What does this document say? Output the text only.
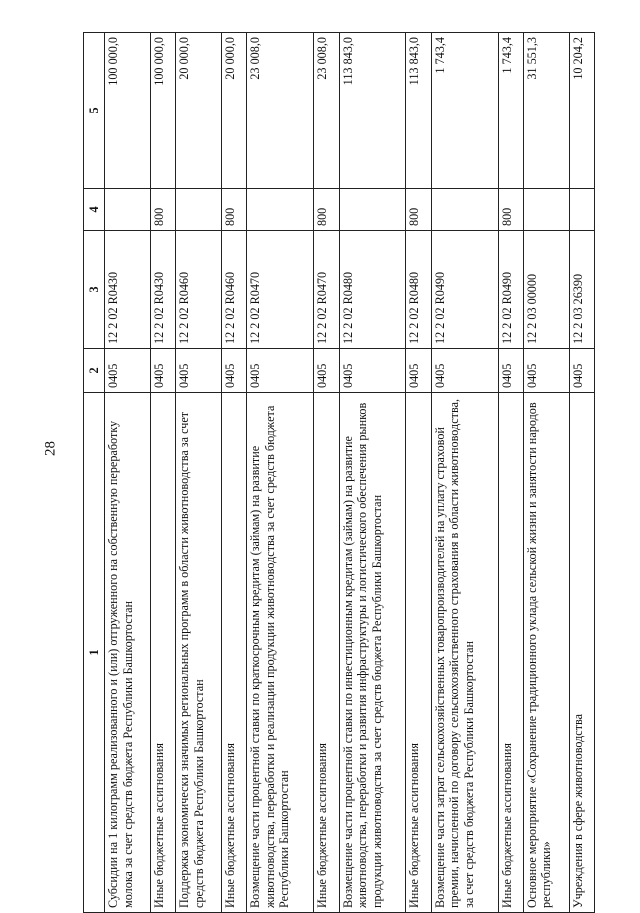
28
1	2	3	4	5
Субсидии на 1 килограмм реализованного и (или) отгруженного на собственную переработку молока за счет средств бюджета Республики Башкортостан	0405	12 2 02 R0430		100 000,0
Иные бюджетные ассигнования	0405	12 2 02 R0430	800	100 000,0
Поддержка экономически значимых региональных программ в области животноводства за счет средств бюджета Республики Башкортостан	0405	12 2 02 R0460		20 000,0
Иные бюджетные ассигнования	0405	12 2 02 R0460	800	20 000,0
Возмещение части процентной ставки по краткосрочным кредитам (займам) на развитие животноводства, переработки и реализации продукции животноводства за счет средств бюджета Республики Башкортостан	0405	12 2 02 R0470		23 008,0
Иные бюджетные ассигнования	0405	12 2 02 R0470	800	23 008,0
Возмещение части процентной ставки по инвестиционным кредитам (займам) на развитие животноводства, переработки и развития инфраструктуры и логистического обеспечения рынков продукции животноводства за счет средств бюджета Республики Башкортостан	0405	12 2 02 R0480		113 843,0
Иные бюджетные ассигнования	0405	12 2 02 R0480	800	113 843,0
Возмещение части затрат сельскохозяйственных товаропроизводителей на уплату страховой премии, начисленной по договору сельскохозяйственного страхования в области животноводства, за счет средств бюджета Республики Башкортостан	0405	12 2 02 R0490		1 743,4
Иные бюджетные ассигнования	0405	12 2 02 R0490	800	1 743,4
Основное мероприятие «Сохранение традиционного уклада сельской жизни и занятости народов республики»	0405	12 2 03 00000		31 551,3
Учреждения в сфере животноводства	0405	12 2 03 26390		10 204,2
